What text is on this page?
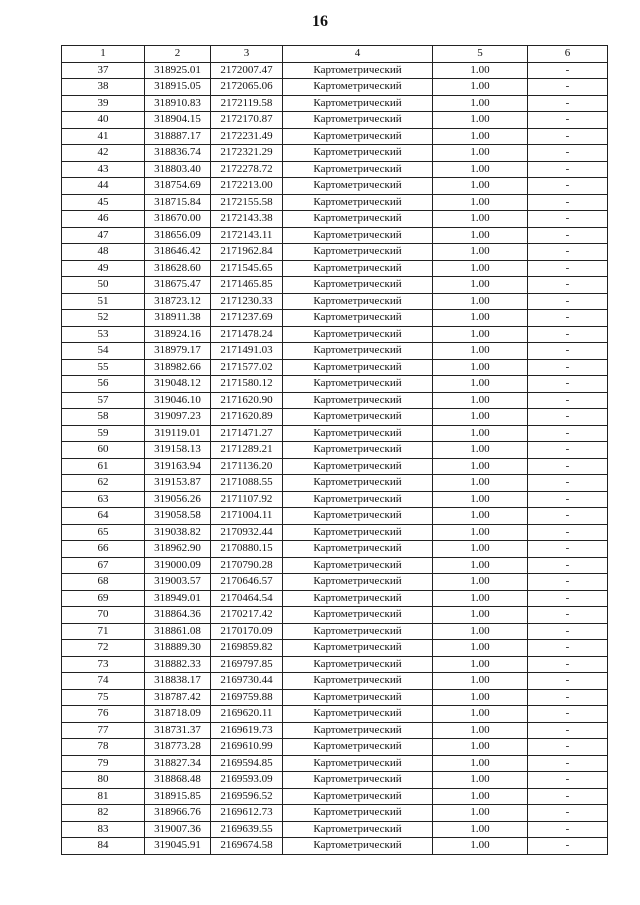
16
1	2	3	4	5	6
37	318925.01	2172007.47	Картометрический	1.00	-
38	318915.05	2172065.06	Картометрический	1.00	-
39	318910.83	2172119.58	Картометрический	1.00	-
40	318904.15	2172170.87	Картометрический	1.00	-
41	318887.17	2172231.49	Картометрический	1.00	-
42	318836.74	2172321.29	Картометрический	1.00	-
43	318803.40	2172278.72	Картометрический	1.00	-
44	318754.69	2172213.00	Картометрический	1.00	-
45	318715.84	2172155.58	Картометрический	1.00	-
46	318670.00	2172143.38	Картометрический	1.00	-
47	318656.09	2172143.11	Картометрический	1.00	-
48	318646.42	2171962.84	Картометрический	1.00	-
49	318628.60	2171545.65	Картометрический	1.00	-
50	318675.47	2171465.85	Картометрический	1.00	-
51	318723.12	2171230.33	Картометрический	1.00	-
52	318911.38	2171237.69	Картометрический	1.00	-
53	318924.16	2171478.24	Картометрический	1.00	-
54	318979.17	2171491.03	Картометрический	1.00	-
55	318982.66	2171577.02	Картометрический	1.00	-
56	319048.12	2171580.12	Картометрический	1.00	-
57	319046.10	2171620.90	Картометрический	1.00	-
58	319097.23	2171620.89	Картометрический	1.00	-
59	319119.01	2171471.27	Картометрический	1.00	-
60	319158.13	2171289.21	Картометрический	1.00	-
61	319163.94	2171136.20	Картометрический	1.00	-
62	319153.87	2171088.55	Картометрический	1.00	-
63	319056.26	2171107.92	Картометрический	1.00	-
64	319058.58	2171004.11	Картометрический	1.00	-
65	319038.82	2170932.44	Картометрический	1.00	-
66	318962.90	2170880.15	Картометрический	1.00	-
67	319000.09	2170790.28	Картометрический	1.00	-
68	319003.57	2170646.57	Картометрический	1.00	-
69	318949.01	2170464.54	Картометрический	1.00	-
70	318864.36	2170217.42	Картометрический	1.00	-
71	318861.08	2170170.09	Картометрический	1.00	-
72	318889.30	2169859.82	Картометрический	1.00	-
73	318882.33	2169797.85	Картометрический	1.00	-
74	318838.17	2169730.44	Картометрический	1.00	-
75	318787.42	2169759.88	Картометрический	1.00	-
76	318718.09	2169620.11	Картометрический	1.00	-
77	318731.37	2169619.73	Картометрический	1.00	-
78	318773.28	2169610.99	Картометрический	1.00	-
79	318827.34	2169594.85	Картометрический	1.00	-
80	318868.48	2169593.09	Картометрический	1.00	-
81	318915.85	2169596.52	Картометрический	1.00	-
82	318966.76	2169612.73	Картометрический	1.00	-
83	319007.36	2169639.55	Картометрический	1.00	-
84	319045.91	2169674.58	Картометрический	1.00	-
